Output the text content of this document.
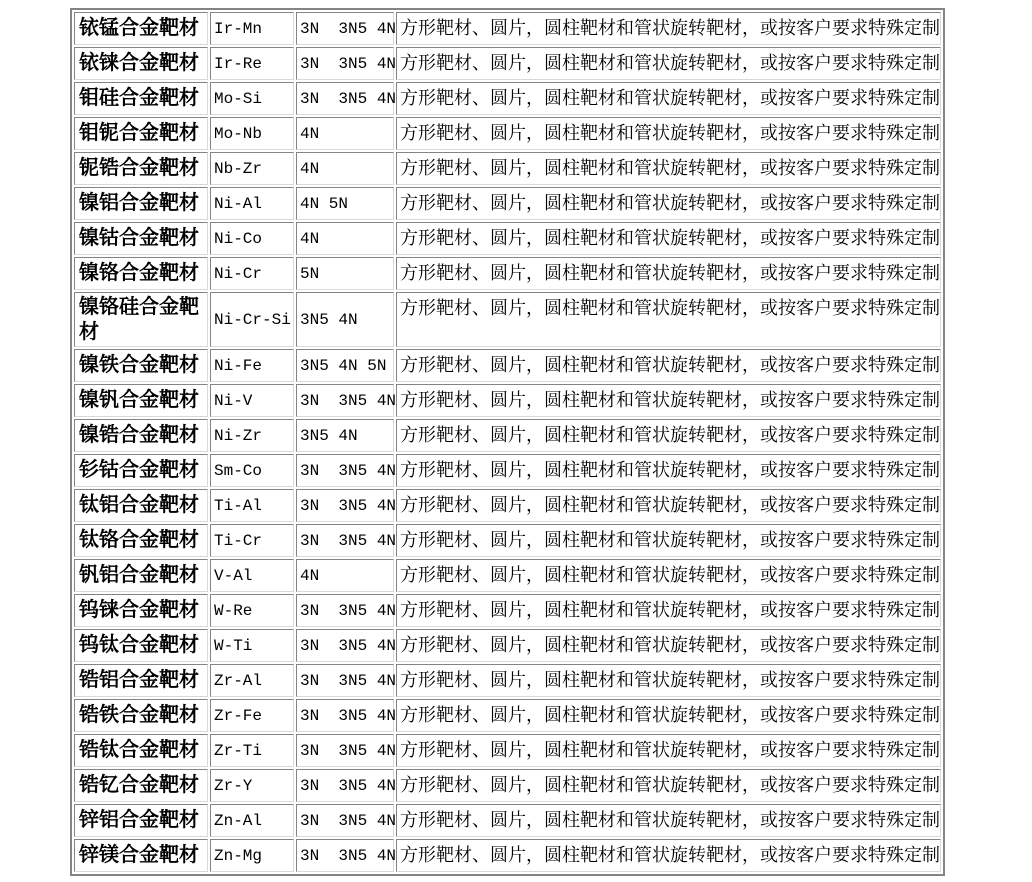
铱锰合金靶材	Ir-Mn	3N  3N5 4N	方形靶材、圆片，圆柱靶材和管状旋转靶材，或按客户要求特殊定制
铱铼合金靶材	Ir-Re	3N  3N5 4N	方形靶材、圆片，圆柱靶材和管状旋转靶材，或按客户要求特殊定制
钼硅合金靶材	Mo-Si	3N  3N5 4N	方形靶材、圆片，圆柱靶材和管状旋转靶材，或按客户要求特殊定制
钼铌合金靶材	Mo-Nb	4N	方形靶材、圆片，圆柱靶材和管状旋转靶材，或按客户要求特殊定制
铌锆合金靶材	Nb-Zr	4N	方形靶材、圆片，圆柱靶材和管状旋转靶材，或按客户要求特殊定制
镍铝合金靶材	Ni-Al	4N 5N	方形靶材、圆片，圆柱靶材和管状旋转靶材，或按客户要求特殊定制
镍钴合金靶材	Ni-Co	4N	方形靶材、圆片，圆柱靶材和管状旋转靶材，或按客户要求特殊定制
镍铬合金靶材	Ni-Cr	5N	方形靶材、圆片，圆柱靶材和管状旋转靶材，或按客户要求特殊定制
镍铬硅合金靶材	Ni-Cr-Si	3N5 4N	方形靶材、圆片，圆柱靶材和管状旋转靶材，或按客户要求特殊定制
镍铁合金靶材	Ni-Fe	3N5 4N 5N	方形靶材、圆片，圆柱靶材和管状旋转靶材，或按客户要求特殊定制
镍钒合金靶材	Ni-V	3N  3N5 4N	方形靶材、圆片，圆柱靶材和管状旋转靶材，或按客户要求特殊定制
镍锆合金靶材	Ni-Zr	3N5 4N	方形靶材、圆片，圆柱靶材和管状旋转靶材，或按客户要求特殊定制
钐钴合金靶材	Sm-Co	3N  3N5 4N	方形靶材、圆片，圆柱靶材和管状旋转靶材，或按客户要求特殊定制
钛铝合金靶材	Ti-Al	3N  3N5 4N	方形靶材、圆片，圆柱靶材和管状旋转靶材，或按客户要求特殊定制
钛铬合金靶材	Ti-Cr	3N  3N5 4N	方形靶材、圆片，圆柱靶材和管状旋转靶材，或按客户要求特殊定制
钒铝合金靶材	V-Al	4N	方形靶材、圆片，圆柱靶材和管状旋转靶材，或按客户要求特殊定制
钨铼合金靶材	W-Re	3N  3N5 4N	方形靶材、圆片，圆柱靶材和管状旋转靶材，或按客户要求特殊定制
钨钛合金靶材	W-Ti	3N  3N5 4N	方形靶材、圆片，圆柱靶材和管状旋转靶材，或按客户要求特殊定制
锆铝合金靶材	Zr-Al	3N  3N5 4N	方形靶材、圆片，圆柱靶材和管状旋转靶材，或按客户要求特殊定制
锆铁合金靶材	Zr-Fe	3N  3N5 4N	方形靶材、圆片，圆柱靶材和管状旋转靶材，或按客户要求特殊定制
锆钛合金靶材	Zr-Ti	3N  3N5 4N	方形靶材、圆片，圆柱靶材和管状旋转靶材，或按客户要求特殊定制
锆钇合金靶材	Zr-Y	3N  3N5 4N	方形靶材、圆片，圆柱靶材和管状旋转靶材，或按客户要求特殊定制
锌铝合金靶材	Zn-Al	3N  3N5 4N	方形靶材、圆片，圆柱靶材和管状旋转靶材，或按客户要求特殊定制
锌镁合金靶材	Zn-Mg	3N  3N5 4N	方形靶材、圆片，圆柱靶材和管状旋转靶材，或按客户要求特殊定制
